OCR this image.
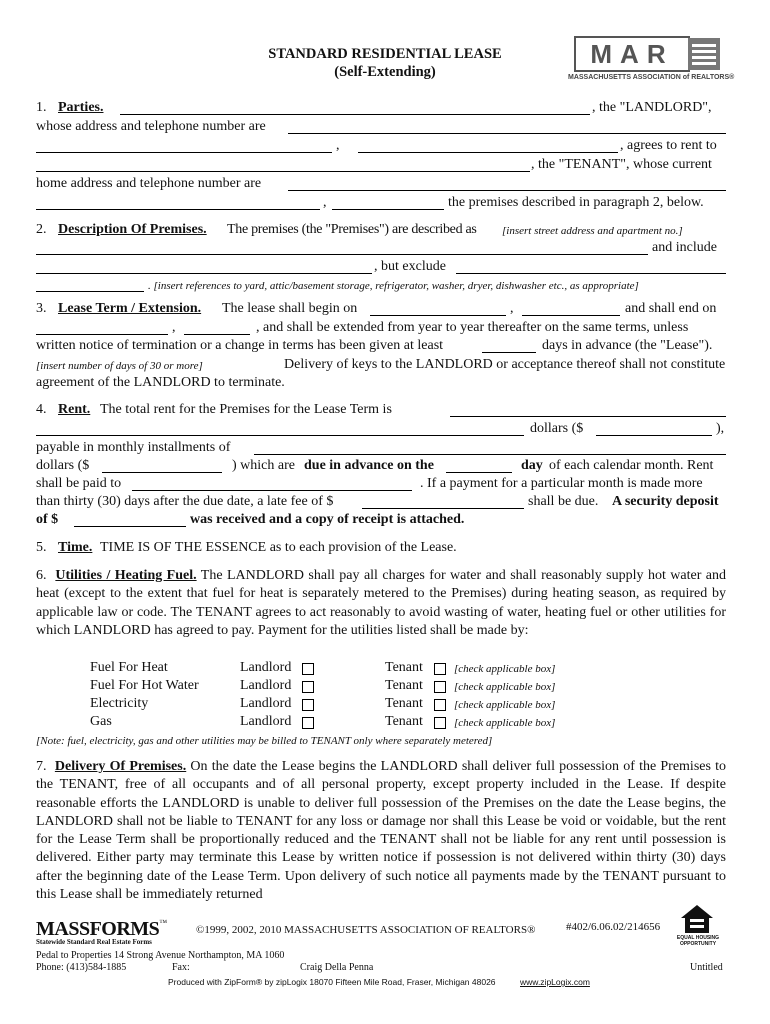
STANDARD RESIDENTIAL LEASE
(Self-Extending)
MAR
MASSACHUSETTS ASSOCIATION of REALTORS®
1. Parties.	, the "LANDLORD",
whose address and telephone number are
,	, agrees to rent to
, the "TENANT", whose current
home address and telephone number are
,	the premises described in paragraph 2, below.
2. Description Of Premises. The premises (the "Premises") are described as [insert street address and apartment no.]
and include
, but exclude
. [insert references to yard, attic/basement storage, refrigerator, washer, dryer, dishwasher etc., as appropriate]
3. Lease Term / Extension. The lease shall begin on	,	and shall end on
,	, and shall be extended from year to year thereafter on the same terms, unless
written notice of termination or a change in terms has been given at least	days in advance (the "Lease").
[insert number of days of 30 or more]	Delivery of keys to the LANDLORD or acceptance thereof shall not constitute
agreement of the LANDLORD to terminate.
4. Rent. The total rent for the Premises for the Lease Term is
dollars ($	),
payable in monthly installments of
dollars ($	) which are due in advance on the	day of each calendar month. Rent
shall be paid to	. If a payment for a particular month is made more
than thirty (30) days after the due date, a late fee of $	shall be due. A security deposit
of $	was received and a copy of receipt is attached.
5. Time. TIME IS OF THE ESSENCE as to each provision of the Lease.
6. Utilities / Heating Fuel. The LANDLORD shall pay all charges for water and shall reasonably supply hot water and heat (except to the extent that fuel for heat is separately metered to the Premises) during heating season, as required by applicable law or code. The TENANT agrees to act reasonably to avoid wasting of water, heating fuel or other utilities for which LANDLORD has agreed to pay. Payment for the utilities listed shall be made by:
Fuel For Heat	Landlord	Tenant	[check applicable box]
Fuel For Hot Water	Landlord	Tenant	[check applicable box]
Electricity	Landlord	Tenant	[check applicable box]
Gas	Landlord	Tenant	[check applicable box]
[Note: fuel, electricity, gas and other utilities may be billed to TENANT only where separately metered]
7. Delivery Of Premises. On the date the Lease begins the LANDLORD shall deliver full possession of the Premises to the TENANT, free of all occupants and of all personal property, except property included in the Lease. If despite reasonable efforts the LANDLORD is unable to deliver full possession of the Premises on the date the Lease begins, the LANDLORD shall not be liable to TENANT for any loss or damage nor shall this Lease be void or voidable, but the rent for the Lease Term shall be proportionally reduced and the TENANT shall not be liable for any rent until possession is delivered. Either party may terminate this Lease by written notice if possession is not delivered within thirty (30) days after the beginning date of the Lease Term. Upon delivery of such notice all payments made by the TENANT pursuant to this Lease shall be immediately returned
MASSFORMS™
Statewide Standard Real Estate Forms
©1999, 2002, 2010 MASSACHUSETTS ASSOCIATION OF REALTORS®	#402/6.06.02/214656
EQUAL HOUSING OPPORTUNITY
Pedal to Properties 14 Strong Avenue Northampton, MA 1060
Phone: (413)584-1885	Fax:	Craig Della Penna	Untitled
Produced with ZipForm® by zipLogix 18070 Fifteen Mile Road, Fraser, Michigan 48026	www.zipLogix.com
